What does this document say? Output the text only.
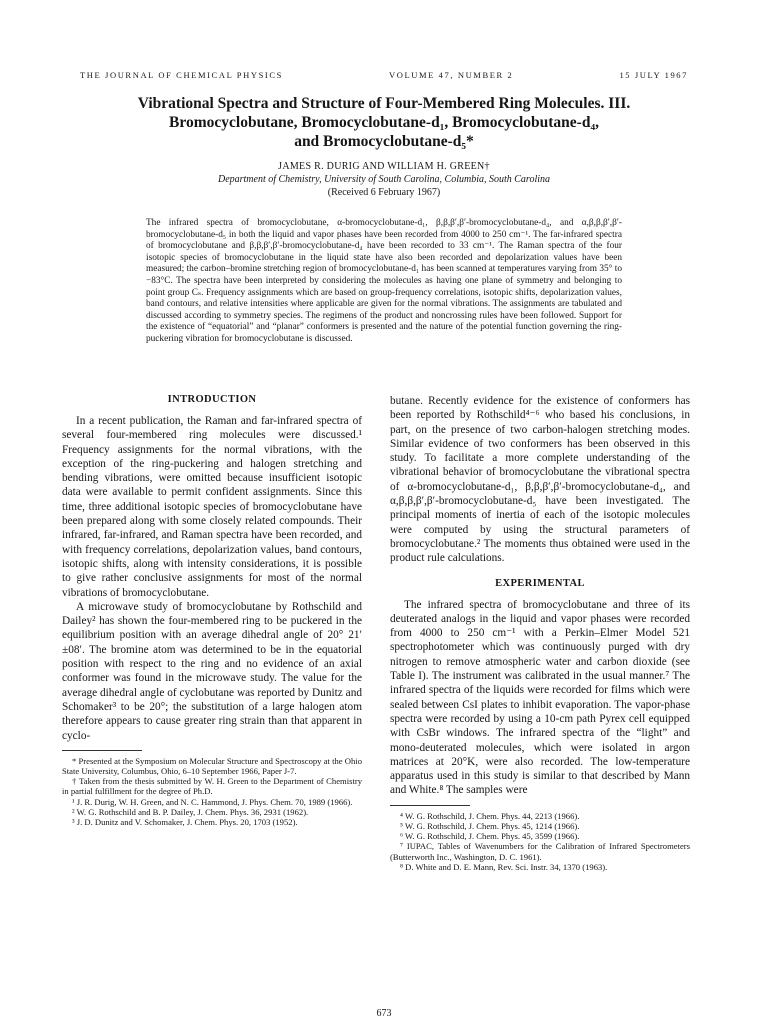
THE JOURNAL OF CHEMICAL PHYSICS	VOLUME 47, NUMBER 2	15 JULY 1967
Vibrational Spectra and Structure of Four-Membered Ring Molecules. III.
Bromocyclobutane, Bromocyclobutane-d₁, Bromocyclobutane-d₄,
and Bromocyclobutane-d₅*
JAMES R. DURIG AND WILLIAM H. GREEN†
Department of Chemistry, University of South Carolina, Columbia, South Carolina
(Received 6 February 1967)

The infrared spectra of bromocyclobutane, α-bromocyclobutane-d₁, β,β,β′,β′-bromocyclobutane-d₄, and α,β,β,β′,β′-bromocyclobutane-d₅ in both the liquid and vapor phases have been recorded from 4000 to 250 cm⁻¹. The far-infrared spectra of bromocyclobutane and β,β,β′,β′-bromocyclobutane-d₄ have been recorded to 33 cm⁻¹. The Raman spectra of the four isotopic species of bromocyclobutane in the liquid state have also been recorded and depolarization values have been measured; the carbon–bromine stretching region of bromocyclobutane-d₁ has been scanned at temperatures varying from 35° to −83°C. The spectra have been interpreted by considering the molecules as having one plane of symmetry and belonging to point group Cₛ. Frequency assignments which are based on group-frequency correlations, isotopic shifts, depolarization values, band contours, and relative intensities where applicable are given for the normal vibrations. The assignments are tabulated and discussed according to symmetry species. The regimens of the product and noncrossing rules have been followed. Support for the existence of “equatorial” and “planar” conformers is presented and the nature of the potential function governing the ring-puckering vibration for bromocyclobutane is discussed.

INTRODUCTION

In a recent publication, the Raman and far-infrared spectra of several four-membered ring molecules were discussed.¹ Frequency assignments for the normal vibrations, with the exception of the ring-puckering and halogen stretching and bending vibrations, were omitted because insufficient isotopic data were available to permit confident assignments. Since this time, three additional isotopic species of bromocyclobutane have been prepared along with some closely related compounds. Their infrared, far-infrared, and Raman spectra have been recorded, and with frequency correlations, depolarization values, band contours, isotopic shifts, along with intensity considerations, it is possible to give rather conclusive assignments for most of the normal vibrations of bromocyclobutane.

A microwave study of bromocyclobutane by Rothschild and Dailey² has shown the four-membered ring to be puckered in the equilibrium position with an average dihedral angle of 20° 21′±08′. The bromine atom was determined to be in the equatorial position with respect to the ring and no evidence of an axial conformer was found in the microwave study. The value for the average dihedral angle of cyclobutane was reported by Dunitz and Schomaker³ to be 20°; the substitution of a large halogen atom therefore appears to cause greater ring strain than that apparent in cyclo-

* Presented at the Symposium on Molecular Structure and Spectroscopy at the Ohio State University, Columbus, Ohio, 6–10 September 1966, Paper J-7.

† Taken from the thesis submitted by W. H. Green to the Department of Chemistry in partial fulfillment for the degree of Ph.D.

¹ J. R. Durig, W. H. Green, and N. C. Hammond, J. Phys. Chem. 70, 1989 (1966).

² W. G. Rothschild and B. P. Dailey, J. Chem. Phys. 36, 2931 (1962).

³ J. D. Dunitz and V. Schomaker, J. Chem. Phys. 20, 1703 (1952).

butane. Recently evidence for the existence of conformers has been reported by Rothschild⁴⁻⁶ who based his conclusions, in part, on the presence of two carbon-halogen stretching modes. Similar evidence of two conformers has been observed in this study. To facilitate a more complete understanding of the vibrational behavior of bromocyclobutane the vibrational spectra of α-bromocyclobutane-d₁, β,β,β′,β′-bromocyclobutane-d₄, and α,β,β,β′,β′-bromocyclobutane-d₅ have been investigated. The principal moments of inertia of each of the isotopic molecules were computed by using the structural parameters of bromocyclobutane.² The moments thus obtained were used in the product rule calculations.

EXPERIMENTAL

The infrared spectra of bromocyclobutane and three of its deuterated analogs in the liquid and vapor phases were recorded from 4000 to 250 cm⁻¹ with a Perkin–Elmer Model 521 spectrophotometer which was continuously purged with dry nitrogen to remove atmospheric water and carbon dioxide (see Table I). The instrument was calibrated in the usual manner.⁷ The infrared spectra of the liquids were recorded for films which were sealed between CsI plates to inhibit evaporation. The vapor-phase spectra were recorded by using a 10-cm path Pyrex cell equipped with CsBr windows. The infrared spectra of the “light” and mono-deuterated molecules, which were isolated in argon matrices at 20°K, were also recorded. The low-temperature apparatus used in this study is similar to that described by Mann and White.⁸ The samples were

⁴ W. G. Rothschild, J. Chem. Phys. 44, 2213 (1966).

⁵ W. G. Rothschild, J. Chem. Phys. 45, 1214 (1966).

⁶ W. G. Rothschild, J. Chem. Phys. 45, 3599 (1966).

⁷ IUPAC, Tables of Wavenumbers for the Calibration of Infrared Spectrometers (Butterworth Inc., Washington, D. C. 1961).

⁸ D. White and D. E. Mann, Rev. Sci. Instr. 34, 1370 (1963).

673
